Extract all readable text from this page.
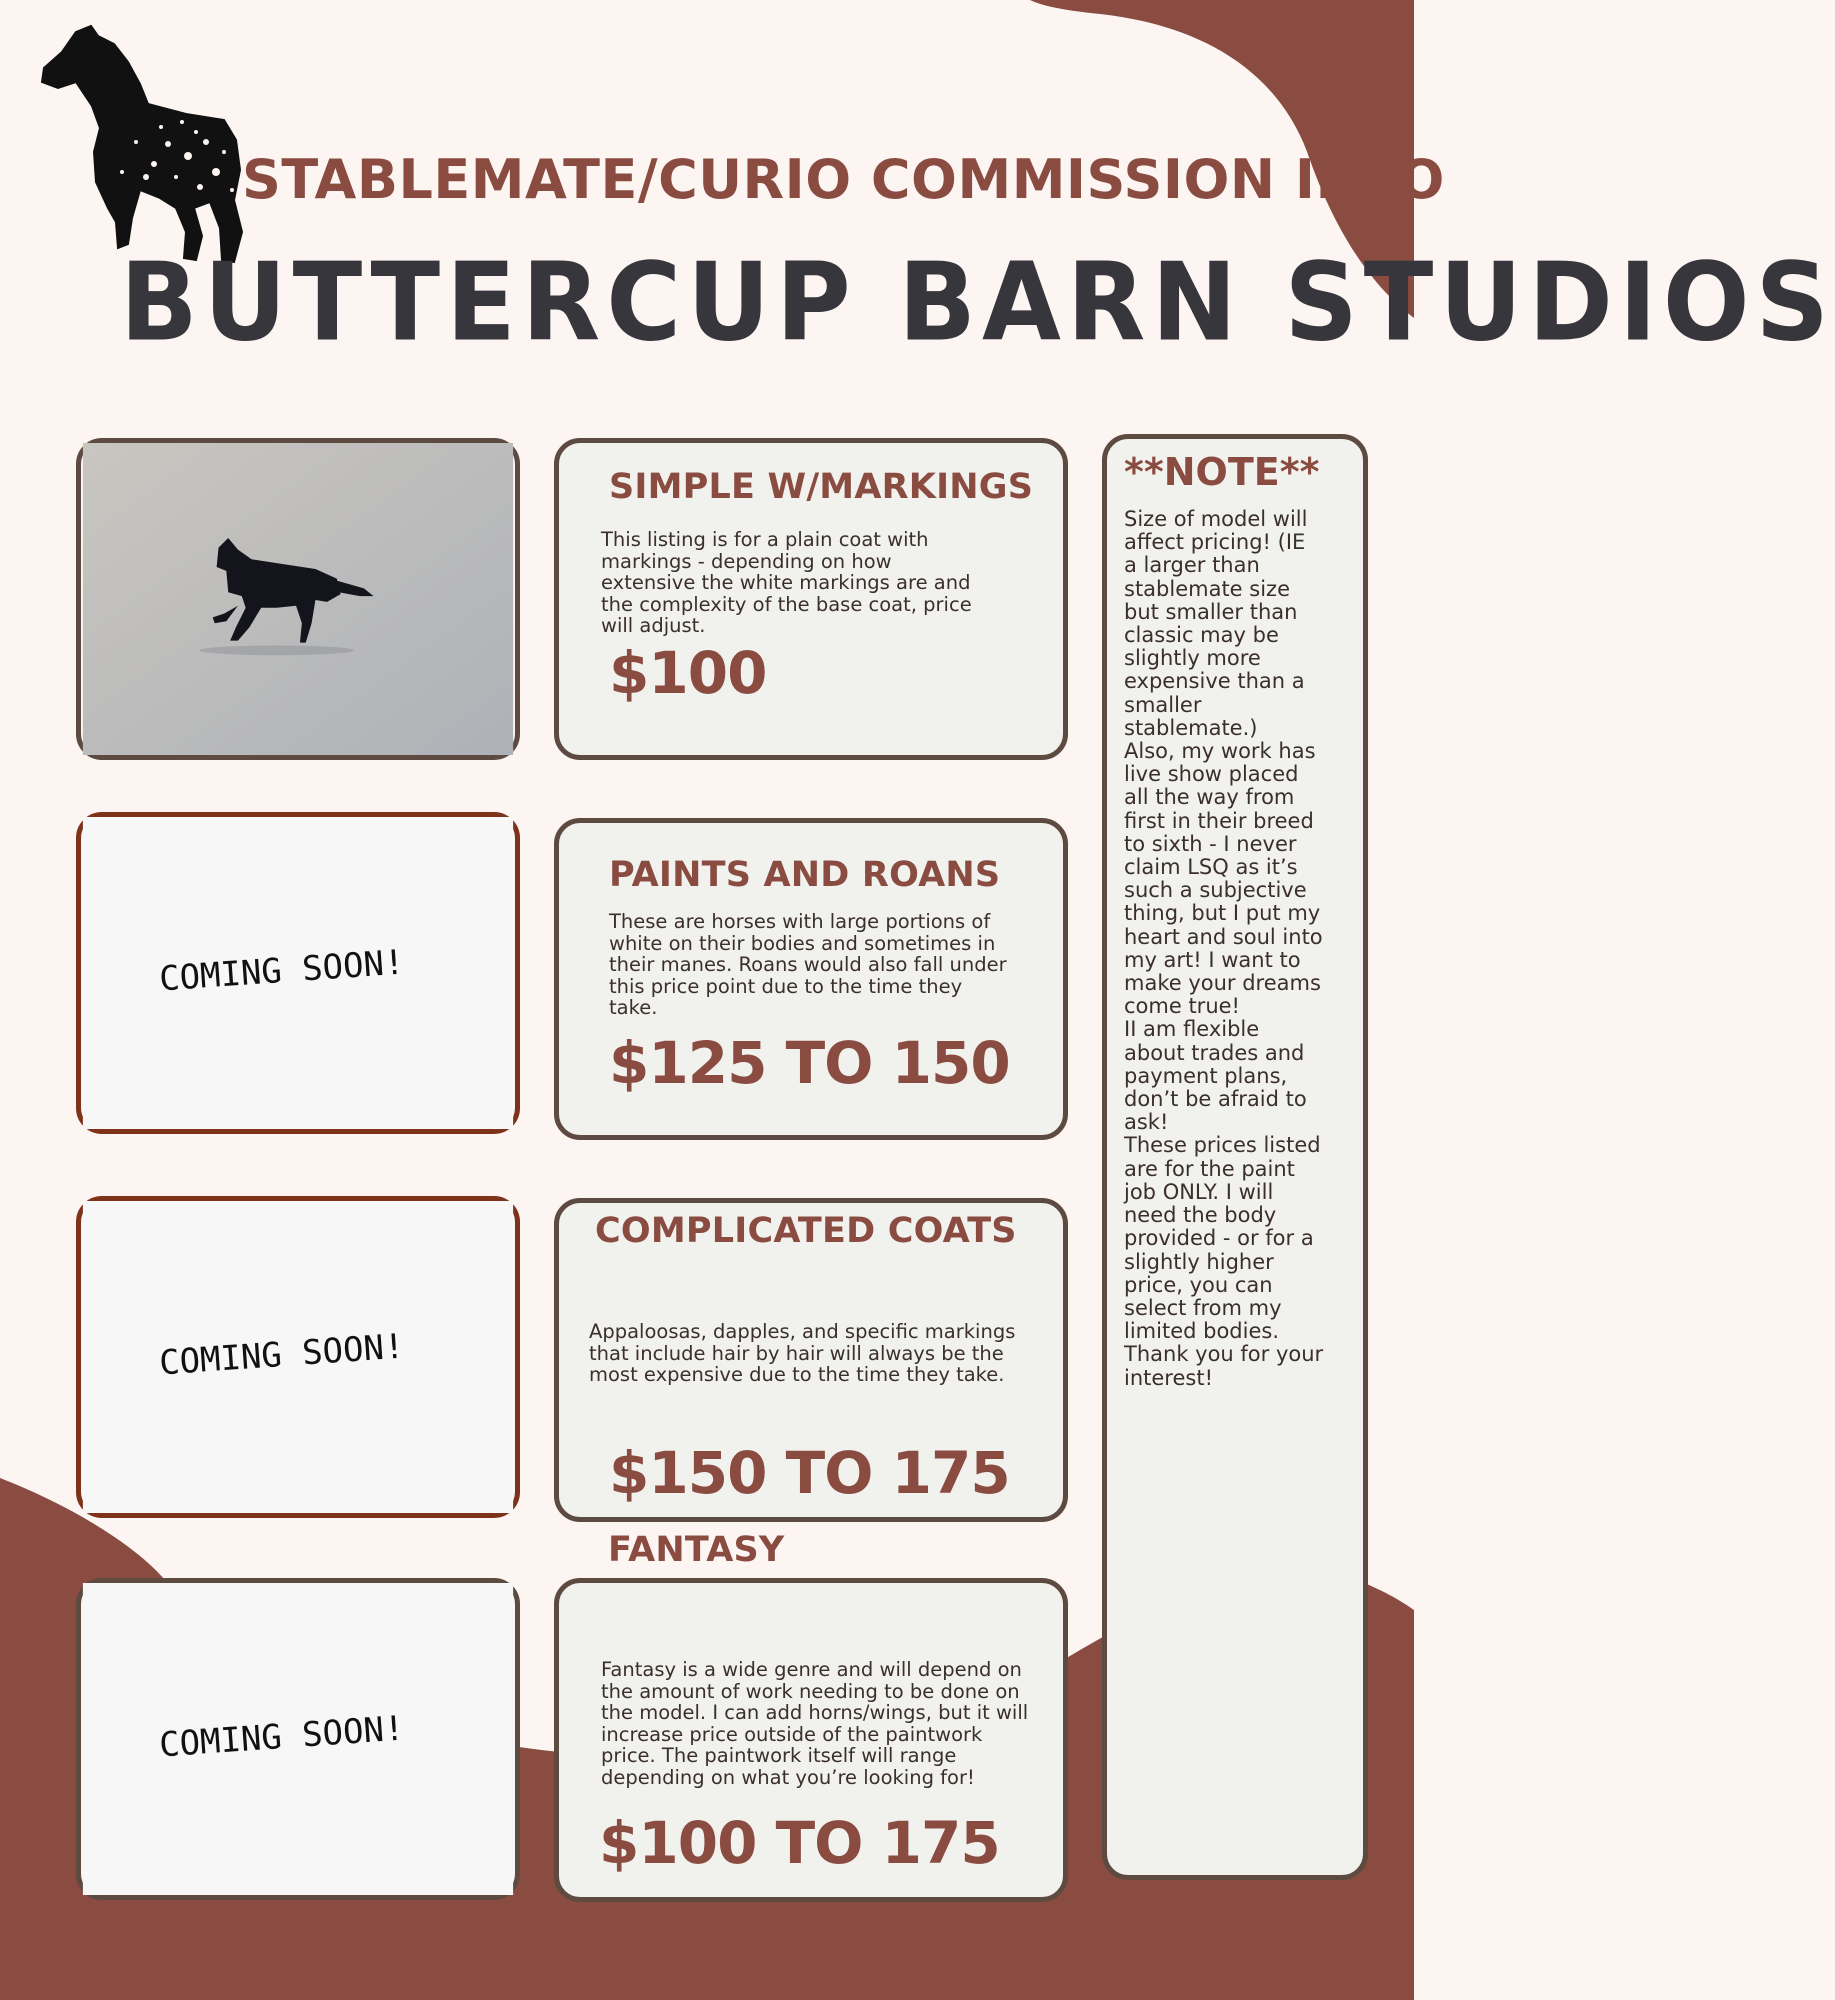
STABLEMATE/CURIO COMMISSION INFO
BUTTERCUP BARN STUDIOS
SIMPLE W/MARKINGS
This listing is for a plain coat with markings - depending on how extensive the white markings are and the complexity of the base coat, price will adjust.
$100
COMING SOON!
PAINTS AND ROANS
These are horses with large portions of white on their bodies and sometimes in their manes. Roans would also fall under this price point due to the time they take.
$125 TO 150
COMING SOON!
COMPLICATED COATS
Appaloosas, dapples, and specific markings that include hair by hair will always be the most expensive due to the time they take.
$150 TO 175
FANTASY
COMING SOON!
Fantasy is a wide genre and will depend on the amount of work needing to be done on the model. I can add horns/wings, but it will increase price outside of the paintwork price. The paintwork itself will range depending on what you’re looking for!
$100 TO 175
**NOTE**

Size of model will affect pricing! (IE a larger than stablemate size but smaller than classic may be slightly more expensive than a smaller stablemate.)

Also, my work has live show placed all the way from first in their breed to sixth - I never claim LSQ as it’s such a subjective thing, but I put my heart and soul into my art! I want to make your dreams come true!

II am flexible about trades and payment plans, don’t be afraid to ask!

These prices listed are for the paint job ONLY. I will need the body provided - or for a slightly higher price, you can select from my limited bodies.

Thank you for your interest!
